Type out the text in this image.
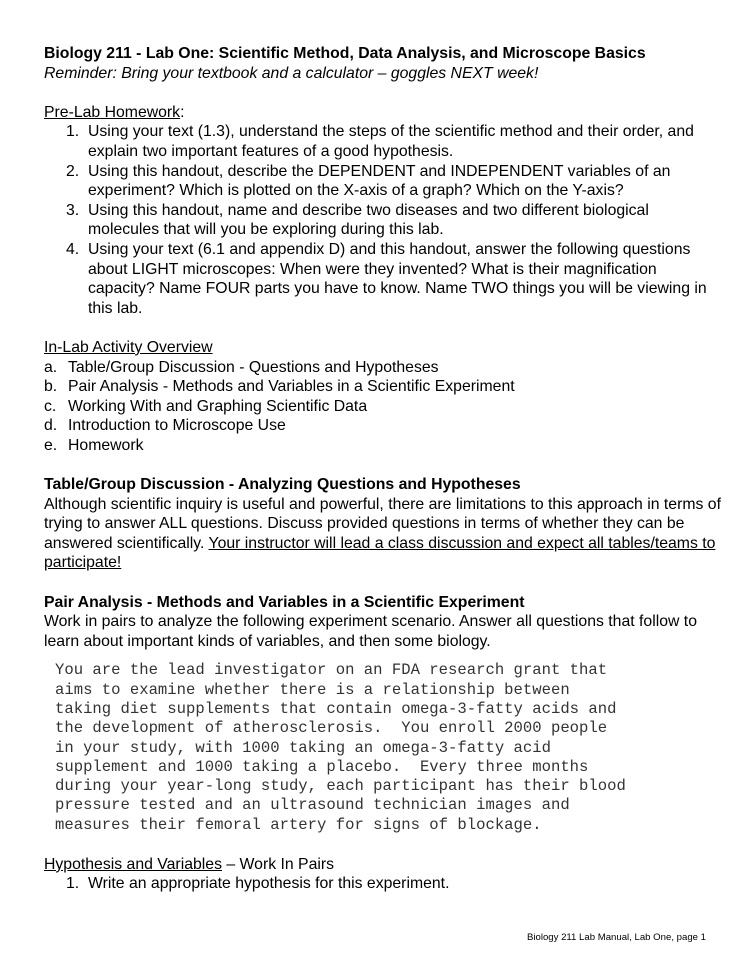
Biology 211 - Lab One: Scientific Method, Data Analysis, and Microscope Basics

Reminder: Bring your textbook and a calculator – goggles NEXT week!

Pre-Lab Homework:

1. Using your text (1.3), understand the steps of the scientific method and their order, and explain two important features of a good hypothesis.
2. Using this handout, describe the DEPENDENT and INDEPENDENT variables of an experiment? Which is plotted on the X-axis of a graph? Which on the Y-axis?
3. Using this handout, name and describe two diseases and two different biological molecules that will you be exploring during this lab.
4. Using your text (6.1 and appendix D) and this handout, answer the following questions about LIGHT microscopes: When were they invented? What is their magnification capacity? Name FOUR parts you have to know. Name TWO things you will be viewing in this lab.

In-Lab Activity Overview

a. Table/Group Discussion - Questions and Hypotheses
b. Pair Analysis - Methods and Variables in a Scientific Experiment
c. Working With and Graphing Scientific Data
d. Introduction to Microscope Use
e. Homework

Table/Group Discussion - Analyzing Questions and Hypotheses

Although scientific inquiry is useful and powerful, there are limitations to this approach in terms of trying to answer ALL questions. Discuss provided questions in terms of whether they can be answered scientifically. Your instructor will lead a class discussion and expect all tables/teams to participate!

Pair Analysis - Methods and Variables in a Scientific Experiment

Work in pairs to analyze the following experiment scenario. Answer all questions that follow to learn about important kinds of variables, and then some biology.

You are the lead investigator on an FDA research grant that
aims to examine whether there is a relationship between
taking diet supplements that contain omega-3-fatty acids and
the development of atherosclerosis.  You enroll 2000 people
in your study, with 1000 taking an omega-3-fatty acid
supplement and 1000 taking a placebo.  Every three months
during your year-long study, each participant has their blood
pressure tested and an ultrasound technician images and
measures their femoral artery for signs of blockage.

Hypothesis and Variables – Work In Pairs

1. Write an appropriate hypothesis for this experiment.
Biology 211 Lab Manual, Lab One, page 1
